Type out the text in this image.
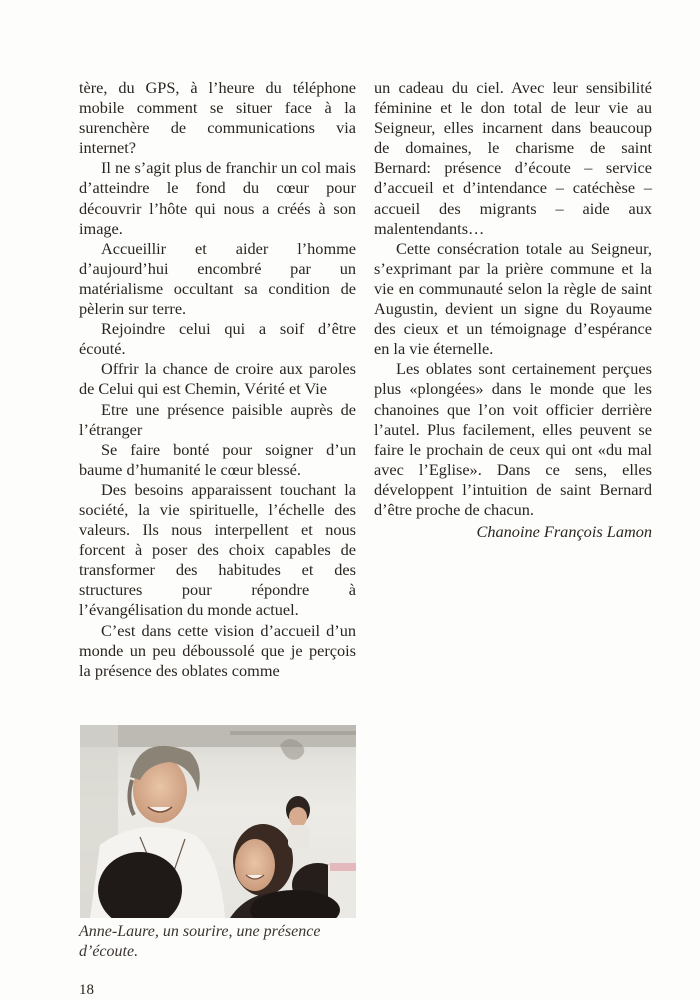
tère, du GPS, à l’heure du téléphone mobile comment se situer face à la surenchère de communications via internet?

Il ne s’agit plus de franchir un col mais d’atteindre le fond du cœur pour découvrir l’hôte qui nous a créés à son image.

Accueillir et aider l’homme d’aujourd’hui encombré par un matérialisme occultant sa condition de pèlerin sur terre.

Rejoindre celui qui a soif d’être écouté.

Offrir la chance de croire aux paroles de Celui qui est Chemin, Vérité et Vie

Etre une présence paisible auprès de l’étranger

Se faire bonté pour soigner d’un baume d’humanité le cœur blessé.

Des besoins apparaissent touchant la société, la vie spirituelle, l’échelle des valeurs. Ils nous interpellent et nous forcent à poser des choix capables de transformer des habitudes et des structures pour répondre à l’évangélisation du monde actuel.

C’est dans cette vision d’accueil d’un monde un peu déboussolé que je perçois la présence des oblates comme

un cadeau du ciel. Avec leur sensibilité féminine et le don total de leur vie au Seigneur, elles incarnent dans beaucoup de domaines, le charisme de saint Bernard: présence d’écoute – service d’accueil et d’intendance – catéchèse – accueil des migrants – aide aux malentendants…

Cette consécration totale au Seigneur, s’exprimant par la prière commune et la vie en communauté selon la règle de saint Augustin, devient un signe du Royaume des cieux et un témoignage d’espérance en la vie éternelle.

Les oblates sont certainement perçues plus «plongées» dans le monde que les chanoines que l’on voit officier derrière l’autel. Plus facilement, elles peuvent se faire le prochain de ceux qui ont «du mal avec l’Eglise». Dans ce sens, elles développent l’intuition de saint Bernard d’être proche de chacun.

Chanoine François Lamon

Anne-Laure, un sourire, une présence d’écoute.
18
